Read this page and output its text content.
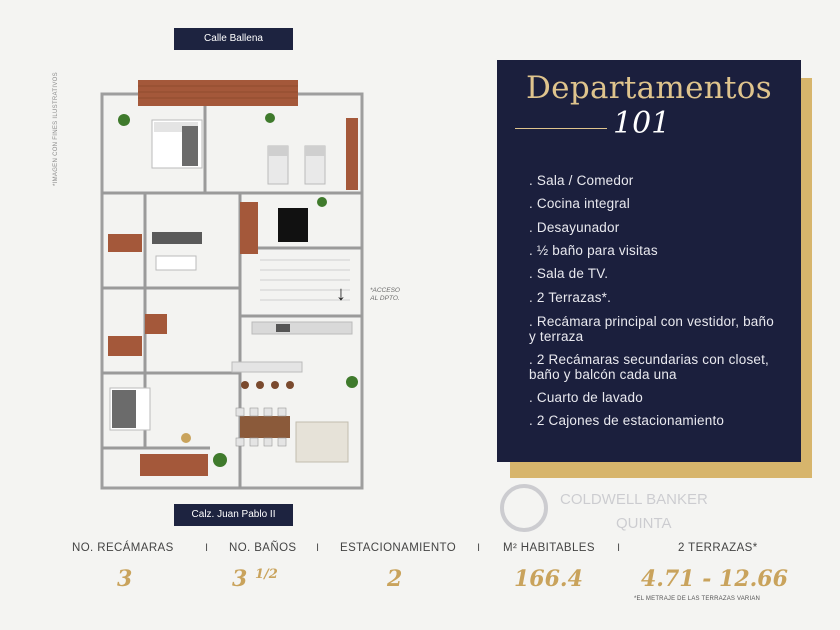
Calle Ballena
Calz. Juan Pablo II
*IMAGEN CON FINES ILUSTRATIVOS
↓	*ACCESO
AL DPTO.
Departamentos
101
. Sala / Comedor
. Cocina integral
. Desayunador
. ½ baño para visitas
. Sala de TV.
. 2 Terrazas*.
. Recámara principal con vestidor, baño y terraza
. 2 Recámaras secundarias con closet, baño y balcón cada una
. Cuarto de lavado
. 2 Cajones de estacionamiento
COLDWELL BANKER
QUINTA
NO. RECÁMARAS	I NO. BAÑOS I ESTACIONAMIENTO I M² HABITABLES I	2 TERRAZAS*
3	3 $^{1/2}$	2	166.4	4.71 - 12.66
*EL METRAJE DE LAS TERRAZAS VARIAN
